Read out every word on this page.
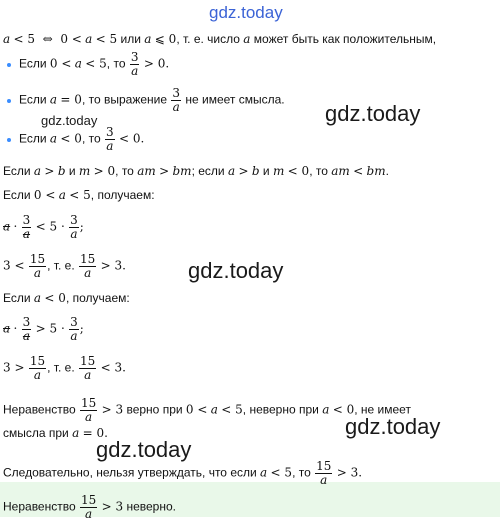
gdz.today
gdz.today
gdz.today
gdz.today
gdz.today
gdz.today
a < 5  ⇔  0 < a < 5 или a ⩽ 0, т. е. число a может быть как положительным,
Если 0 < a < 5, то $\frac{3}{a} > 0$.
Если a = 0, то выражение $\frac{3}{a}$ не имеет смысла.
Если a < 0, то $\frac{3}{a} < 0$.
Если a > b и m > 0, то am > bm; если a > b и m < 0, то am < bm.
Если 0 < a < 5, получаем:
$a \cdot \frac{3}{a} < 5 \cdot \frac{3}{a}$ ;
$3 < \frac{15}{a}$ , т. е. $\frac{15}{a} > 3$.
Если a < 0, получаем:
$a \cdot \frac{3}{a} > 5 \cdot \frac{3}{a}$ ;
$3 > \frac{15}{a}$ , т. е. $\frac{15}{a} < 3$.
Неравенство $\frac{15}{a} > 3$ верно при 0 < a < 5, неверно при a < 0, не имеет
смысла при a = 0.
Следовательно, нельзя утверждать, что если a < 5, то $\frac{15}{a} > 3$.
Неравенство $\frac{15}{a} > 3$ неверно.
